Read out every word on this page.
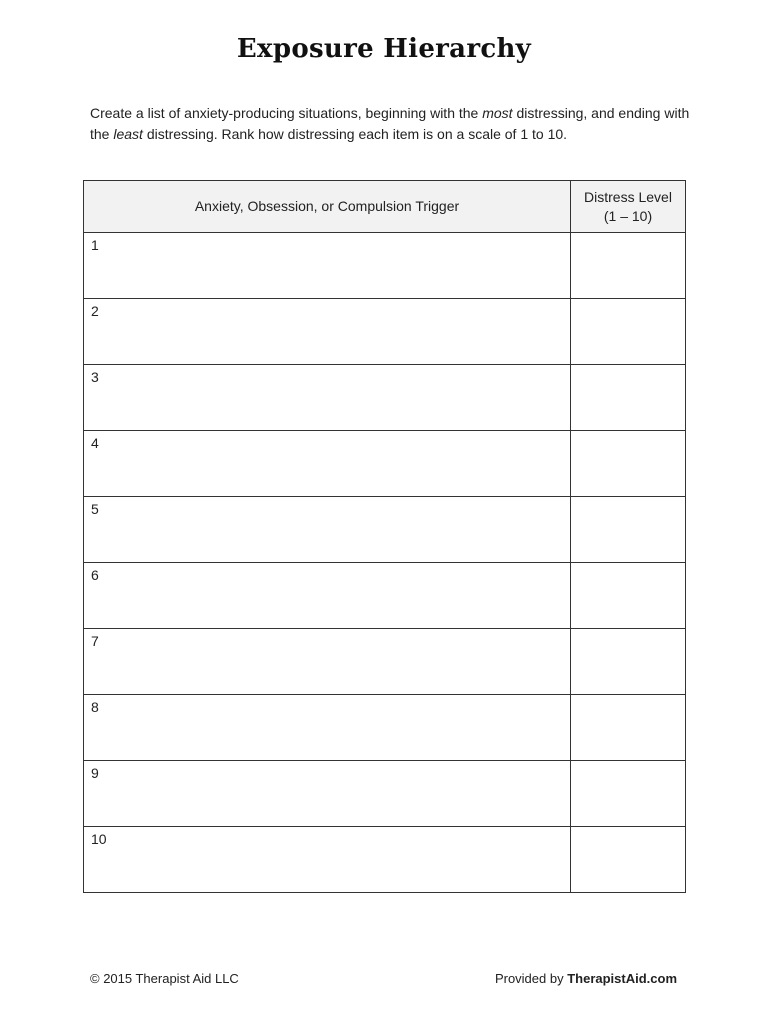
Exposure Hierarchy
Create a list of anxiety-producing situations, beginning with the most distressing, and ending with the least distressing. Rank how distressing each item is on a scale of 1 to 10.
Anxiety, Obsession, or Compulsion Trigger	Distress Level
(1 – 10)

1	

2	

3	

4	

5	

6	

7	

8	

9	

10	

© 2015 Therapist Aid LLC	Provided by TherapistAid.com
